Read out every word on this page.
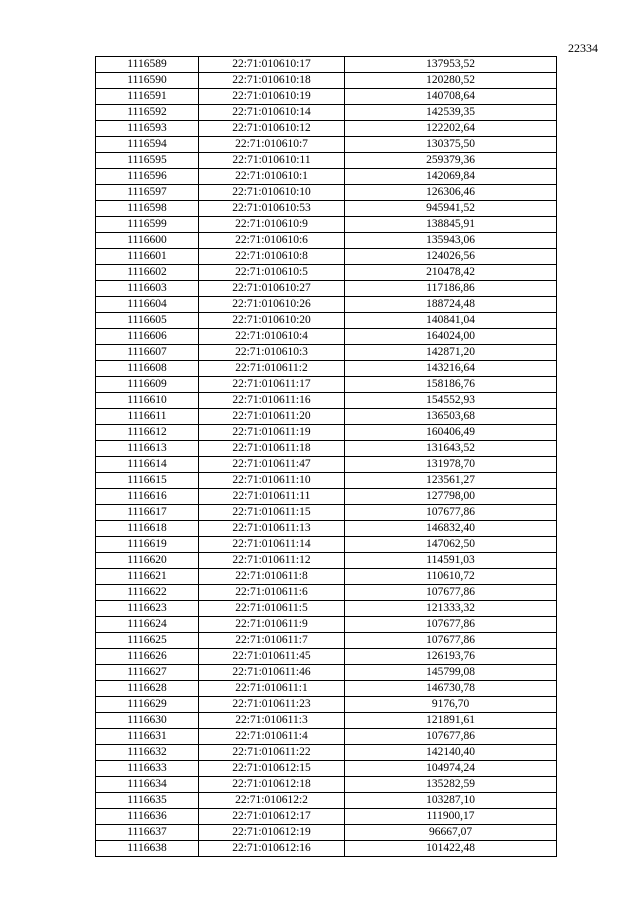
22334
1116589	22:71:010610:17	137953,52
1116590	22:71:010610:18	120280,52
1116591	22:71:010610:19	140708,64
1116592	22:71:010610:14	142539,35
1116593	22:71:010610:12	122202,64
1116594	22:71:010610:7	130375,50
1116595	22:71:010610:11	259379,36
1116596	22:71:010610:1	142069,84
1116597	22:71:010610:10	126306,46
1116598	22:71:010610:53	945941,52
1116599	22:71:010610:9	138845,91
1116600	22:71:010610:6	135943,06
1116601	22:71:010610:8	124026,56
1116602	22:71:010610:5	210478,42
1116603	22:71:010610:27	117186,86
1116604	22:71:010610:26	188724,48
1116605	22:71:010610:20	140841,04
1116606	22:71:010610:4	164024,00
1116607	22:71:010610:3	142871,20
1116608	22:71:010611:2	143216,64
1116609	22:71:010611:17	158186,76
1116610	22:71:010611:16	154552,93
1116611	22:71:010611:20	136503,68
1116612	22:71:010611:19	160406,49
1116613	22:71:010611:18	131643,52
1116614	22:71:010611:47	131978,70
1116615	22:71:010611:10	123561,27
1116616	22:71:010611:11	127798,00
1116617	22:71:010611:15	107677,86
1116618	22:71:010611:13	146832,40
1116619	22:71:010611:14	147062,50
1116620	22:71:010611:12	114591,03
1116621	22:71:010611:8	110610,72
1116622	22:71:010611:6	107677,86
1116623	22:71:010611:5	121333,32
1116624	22:71:010611:9	107677,86
1116625	22:71:010611:7	107677,86
1116626	22:71:010611:45	126193,76
1116627	22:71:010611:46	145799,08
1116628	22:71:010611:1	146730,78
1116629	22:71:010611:23	9176,70
1116630	22:71:010611:3	121891,61
1116631	22:71:010611:4	107677,86
1116632	22:71:010611:22	142140,40
1116633	22:71:010612:15	104974,24
1116634	22:71:010612:18	135282,59
1116635	22:71:010612:2	103287,10
1116636	22:71:010612:17	111900,17
1116637	22:71:010612:19	96667,07
1116638	22:71:010612:16	101422,48
